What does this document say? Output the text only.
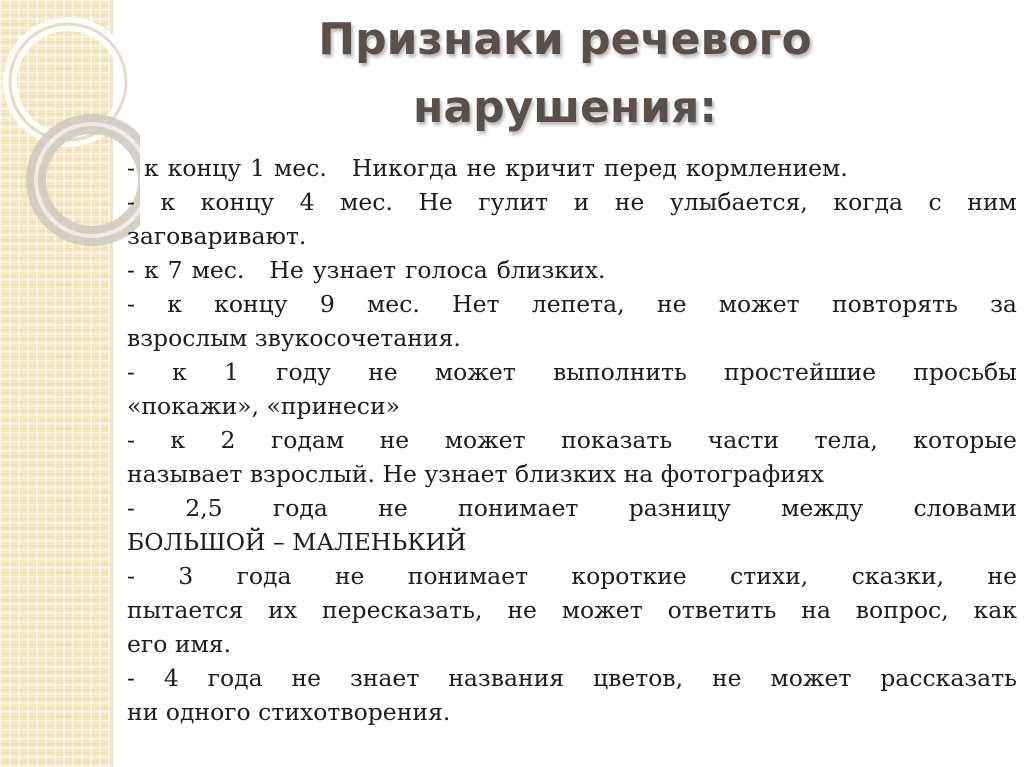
Признаки речевого
нарушения:
- к концу 1 мес. Никогда не кричит перед кормлением.
- к концу 4 мес. Не гулит и не улыбается, когда с ним
заговаривают.
- к 7 мес. Не узнает голоса близких.
- к концу 9 мес. Нет лепета, не может повторять за
взрослым звукосочетания.
- к 1 году не может выполнить простейшие просьбы
«покажи», «принеси»
- к 2 годам не может показать части тела, которые
называет взрослый. Не узнает близких на фотографиях
- 2,5 года не понимает разницу между словами
БОЛЬШОЙ – МАЛЕНЬКИЙ
- 3 года не понимает короткие стихи, сказки, не
пытается их пересказать, не может ответить на вопрос, как
его имя.
- 4 года не знает названия цветов, не может рассказать
ни одного стихотворения.
